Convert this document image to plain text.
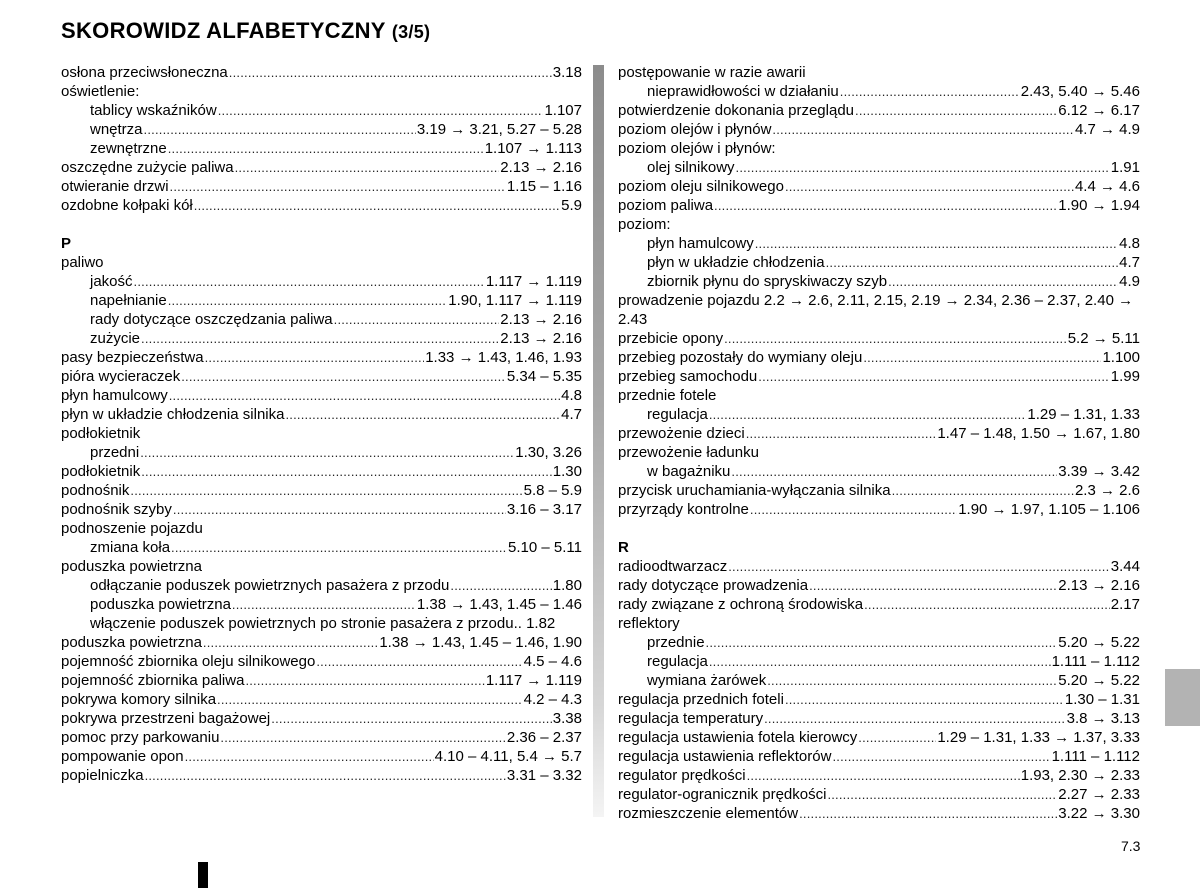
SKOROWIDZ ALFABETYCZNY (3/5)
osłona przeciwsłoneczna .....	3.18
oświetlenie:
tablicy wskaźników .....	1.107
wnętrza .....	3.19 → 3.21, 5.27 – 5.28
zewnętrzne .....	1.107 → 1.113
oszczędne zużycie paliwa .....	2.13 → 2.16
otwieranie drzwi .....	1.15 – 1.16
ozdobne kołpaki kół .....	5.9
P
paliwo
jakość .....	1.117 → 1.119
napełnianie .....	1.90, 1.117 → 1.119
rady dotyczące oszczędzania paliwa .....	2.13 → 2.16
zużycie .....	2.13 → 2.16
pasy bezpieczeństwa .....	1.33 → 1.43, 1.46, 1.93
pióra wycieraczek .....	5.34 – 5.35
płyn hamulcowy .....	4.8
płyn w układzie chłodzenia silnika .....	4.7
podłokietnik
przedni .....	1.30, 3.26
podłokietnik .....	1.30
podnośnik .....	5.8 – 5.9
podnośnik szyby .....	3.16 – 3.17
podnoszenie pojazdu
zmiana koła .....	5.10 – 5.11
poduszka powietrzna
odłączanie poduszek powietrznych pasażera z przodu .....	1.80
poduszka powietrzna .....	1.38 → 1.43, 1.45 – 1.46
włączenie poduszek powietrznych po stronie pasażera z przodu.. 1.82
poduszka powietrzna .....	1.38 → 1.43, 1.45 – 1.46, 1.90
pojemność zbiornika oleju silnikowego .....	4.5 – 4.6
pojemność zbiornika paliwa .....	1.117 → 1.119
pokrywa komory silnika .....	4.2 – 4.3
pokrywa przestrzeni bagażowej .....	3.38
pomoc przy parkowaniu .....	2.36 – 2.37
pompowanie opon .....	4.10 – 4.11, 5.4 → 5.7
popielniczka .....	3.31 – 3.32
postępowanie w razie awarii
nieprawidłowości w działaniu .....	2.43, 5.40 → 5.46
potwierdzenie dokonania przeglądu .....	6.12 → 6.17
poziom olejów i płynów .....	4.7 → 4.9
poziom olejów i płynów:
olej silnikowy .....	1.91
poziom oleju silnikowego .....	4.4 → 4.6
poziom paliwa .....	1.90 → 1.94
poziom:
płyn hamulcowy .....	4.8
płyn w układzie chłodzenia .....	4.7
zbiornik płynu do spryskiwaczy szyb .....	4.9
prowadzenie pojazdu 2.2 → 2.6, 2.11, 2.15, 2.19 → 2.34, 2.36 – 2.37, 2.40 → 2.43
przebicie opony .....	5.2 → 5.11
przebieg pozostały do wymiany oleju .....	1.100
przebieg samochodu .....	1.99
przednie fotele
regulacja .....	1.29 – 1.31, 1.33
przewożenie dzieci .....	1.47 – 1.48, 1.50 → 1.67, 1.80
przewożenie ładunku
w bagażniku .....	3.39 → 3.42
przycisk uruchamiania-wyłączania silnika .....	2.3 → 2.6
przyrządy kontrolne .....	1.90 → 1.97, 1.105 – 1.106
R
radioodtwarzacz .....	3.44
rady dotyczące prowadzenia .....	2.13 → 2.16
rady związane z ochroną środowiska .....	2.17
reflektory
przednie .....	5.20 → 5.22
regulacja .....	1.111 – 1.112
wymiana żarówek .....	5.20 → 5.22
regulacja przednich foteli .....	1.30 – 1.31
regulacja temperatury .....	3.8 → 3.13
regulacja ustawienia fotela kierowcy .....	1.29 – 1.31, 1.33 → 1.37, 3.33
regulacja ustawienia reflektorów .....	1.111 – 1.112
regulator prędkości .....	1.93, 2.30 → 2.33
regulator-ogranicznik prędkości .....	2.27 → 2.33
rozmieszczenie elementów .....	3.22 → 3.30
7.3
